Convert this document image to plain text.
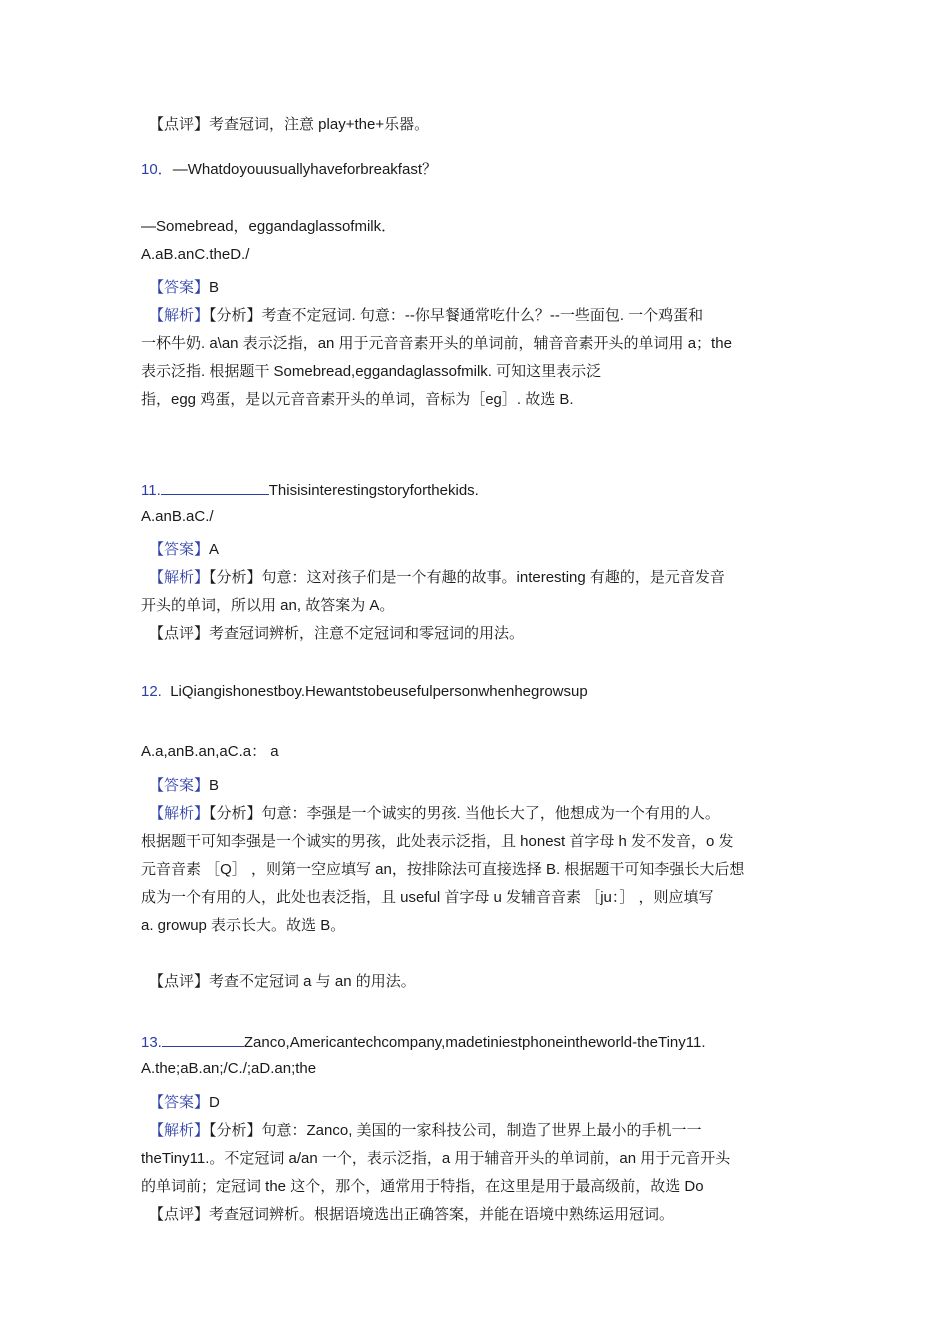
【点评】考查冠词，注意 play+the+乐器。
10．—Whatdoyouusuallyhaveforbreakfast？
—Somebread，eggandaglassofmilk．
A.aB.anC.theD./
【答案】B
【解析】【分析】考查不定冠词. 句意：--你早餐通常吃什么？--一些面包. 一个鸡蛋和
一杯牛奶. a\an 表示泛指，an 用于元音音素开头的单词前，辅音音素开头的单词用 a；the
表示泛指. 根据题干 Somebread,eggandaglassofmilk. 可知这里表示泛
指，egg 鸡蛋，是以元音音素开头的单词，音标为［eg］. 故选 B.
11.	Thisisinterestingstoryforthekids.
A.anB.aC./
【答案】A
【解析】【分析】句意：这对孩子们是一个有趣的故事。interesting 有趣的，是元音发音
开头的单词，所以用 an, 故答案为 A。
【点评】考查冠词辨析，注意不定冠词和零冠词的用法。
12. LiQiangishonestboy.Hewantstobeusefulpersonwhenhegrowsup
A.a,anB.an,aC.a： a
【答案】B
【解析】【分析】句意：李强是一个诚实的男孩. 当他长大了，他想成为一个有用的人。
根据题干可知李强是一个诚实的男孩，此处表示泛指，且 honest 首字母 h 发不发音，o 发
元音音素 ［Q］ ，则第一空应填写 an，按排除法可直接选择 B. 根据题干可知李强长大后想
成为一个有用的人，此处也表泛指，且 useful 首字母 u 发辅音音素 ［ju：］ ，则应填写
a. growup 表示长大。故选 B。
【点评】考查不定冠词 a 与 an 的用法。
13.	Zanco,Americantechcompany,madetiniestphoneintheworld-theTiny11.
A.the;aB.an;/C./;aD.an;the
【答案】D
【解析】【分析】句意：Zanco, 美国的一家科技公司，制造了世界上最小的手机一一
theTiny11.。不定冠词 a/an 一个，表示泛指，a 用于辅音开头的单词前，an 用于元音开头
的单词前；定冠词 the 这个，那个，通常用于特指，在这里是用于最高级前，故选 Do
【点评】考查冠词辨析。根据语境选出正确答案，并能在语境中熟练运用冠词。
